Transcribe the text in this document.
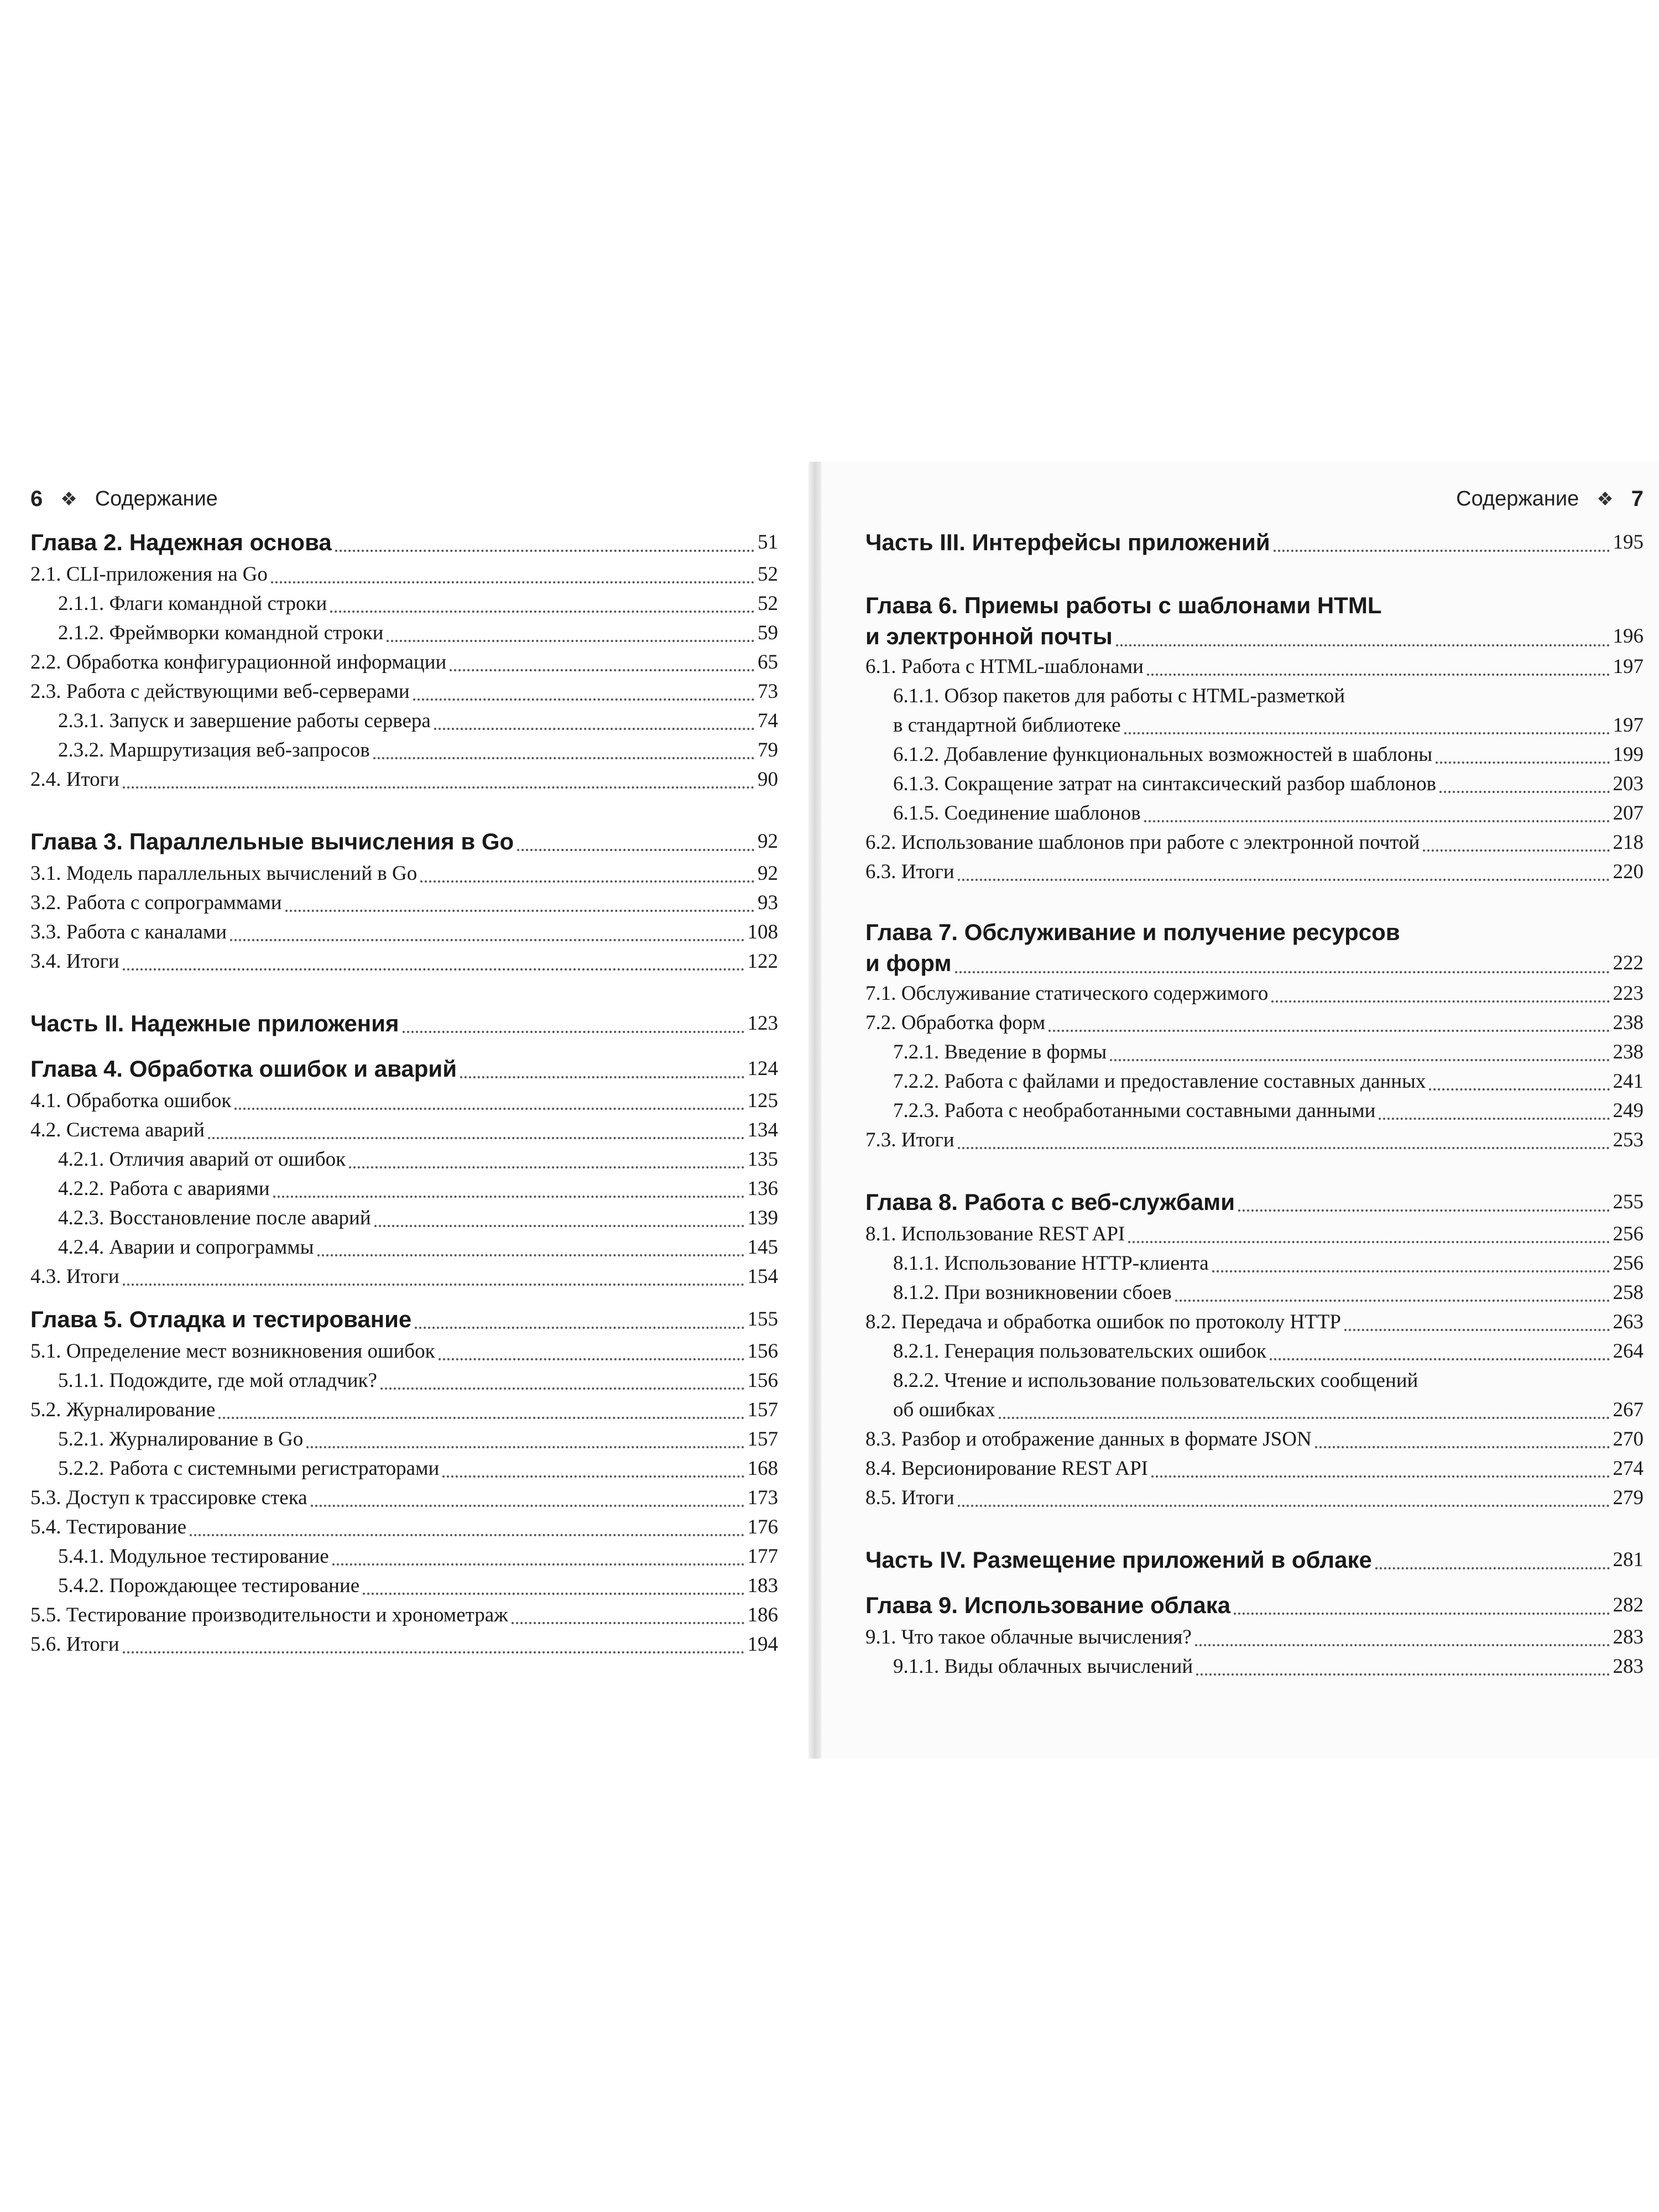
6 ❖ Содержание
Глава 2. Надежная основа	51
2.1. CLI-приложения на Go	52
2.1.1. Флаги командной строки	52
2.1.2. Фреймворки командной строки	59
2.2. Обработка конфигурационной информации	65
2.3. Работа с действующими веб-серверами	73
2.3.1. Запуск и завершение работы сервера	74
2.3.2. Маршрутизация веб-запросов	79
2.4. Итоги	90
Глава 3. Параллельные вычисления в Go	92
3.1. Модель параллельных вычислений в Go	92
3.2. Работа с сопрограммами	93
3.3. Работа с каналами	108
3.4. Итоги	122
Часть II. Надежные приложения	123
Глава 4. Обработка ошибок и аварий	124
4.1. Обработка ошибок	125
4.2. Система аварий	134
4.2.1. Отличия аварий от ошибок	135
4.2.2. Работа с авариями	136
4.2.3. Восстановление после аварий	139
4.2.4. Аварии и сопрограммы	145
4.3. Итоги	154
Глава 5. Отладка и тестирование	155
5.1. Определение мест возникновения ошибок	156
5.1.1. Подождите, где мой отладчик?	156
5.2. Журналирование	157
5.2.1. Журналирование в Go	157
5.2.2. Работа с системными регистраторами	168
5.3. Доступ к трассировке стека	173
5.4. Тестирование	176
5.4.1. Модульное тестирование	177
5.4.2. Порождающее тестирование	183
5.5. Тестирование производительности и хронометраж	186
5.6. Итоги	194
Содержание ❖ 7
Часть III. Интерфейсы приложений	195
Глава 6. Приемы работы с шаблонами HTML
и электронной почты	196
6.1. Работа с HTML-шаблонами	197
6.1.1. Обзор пакетов для работы с HTML-разметкой
в стандартной библиотеке	197
6.1.2. Добавление функциональных возможностей в шаблоны	199
6.1.3. Сокращение затрат на синтаксический разбор шаблонов	203
6.1.5. Соединение шаблонов	207
6.2. Использование шаблонов при работе с электронной почтой	218
6.3. Итоги	220
Глава 7. Обслуживание и получение ресурсов
и форм	222
7.1. Обслуживание статического содержимого	223
7.2. Обработка форм	238
7.2.1. Введение в формы	238
7.2.2. Работа с файлами и предоставление составных данных	241
7.2.3. Работа с необработанными составными данными	249
7.3. Итоги	253
Глава 8. Работа с веб-службами	255
8.1. Использование REST API	256
8.1.1. Использование HTTP-клиента	256
8.1.2. При возникновении сбоев	258
8.2. Передача и обработка ошибок по протоколу HTTP	263
8.2.1. Генерация пользовательских ошибок	264
8.2.2. Чтение и использование пользовательских сообщений
об ошибках	267
8.3. Разбор и отображение данных в формате JSON	270
8.4. Версионирование REST API	274
8.5. Итоги	279
Часть IV. Размещение приложений в облаке	281
Глава 9. Использование облака	282
9.1. Что такое облачные вычисления?	283
9.1.1. Виды облачных вычислений	283
